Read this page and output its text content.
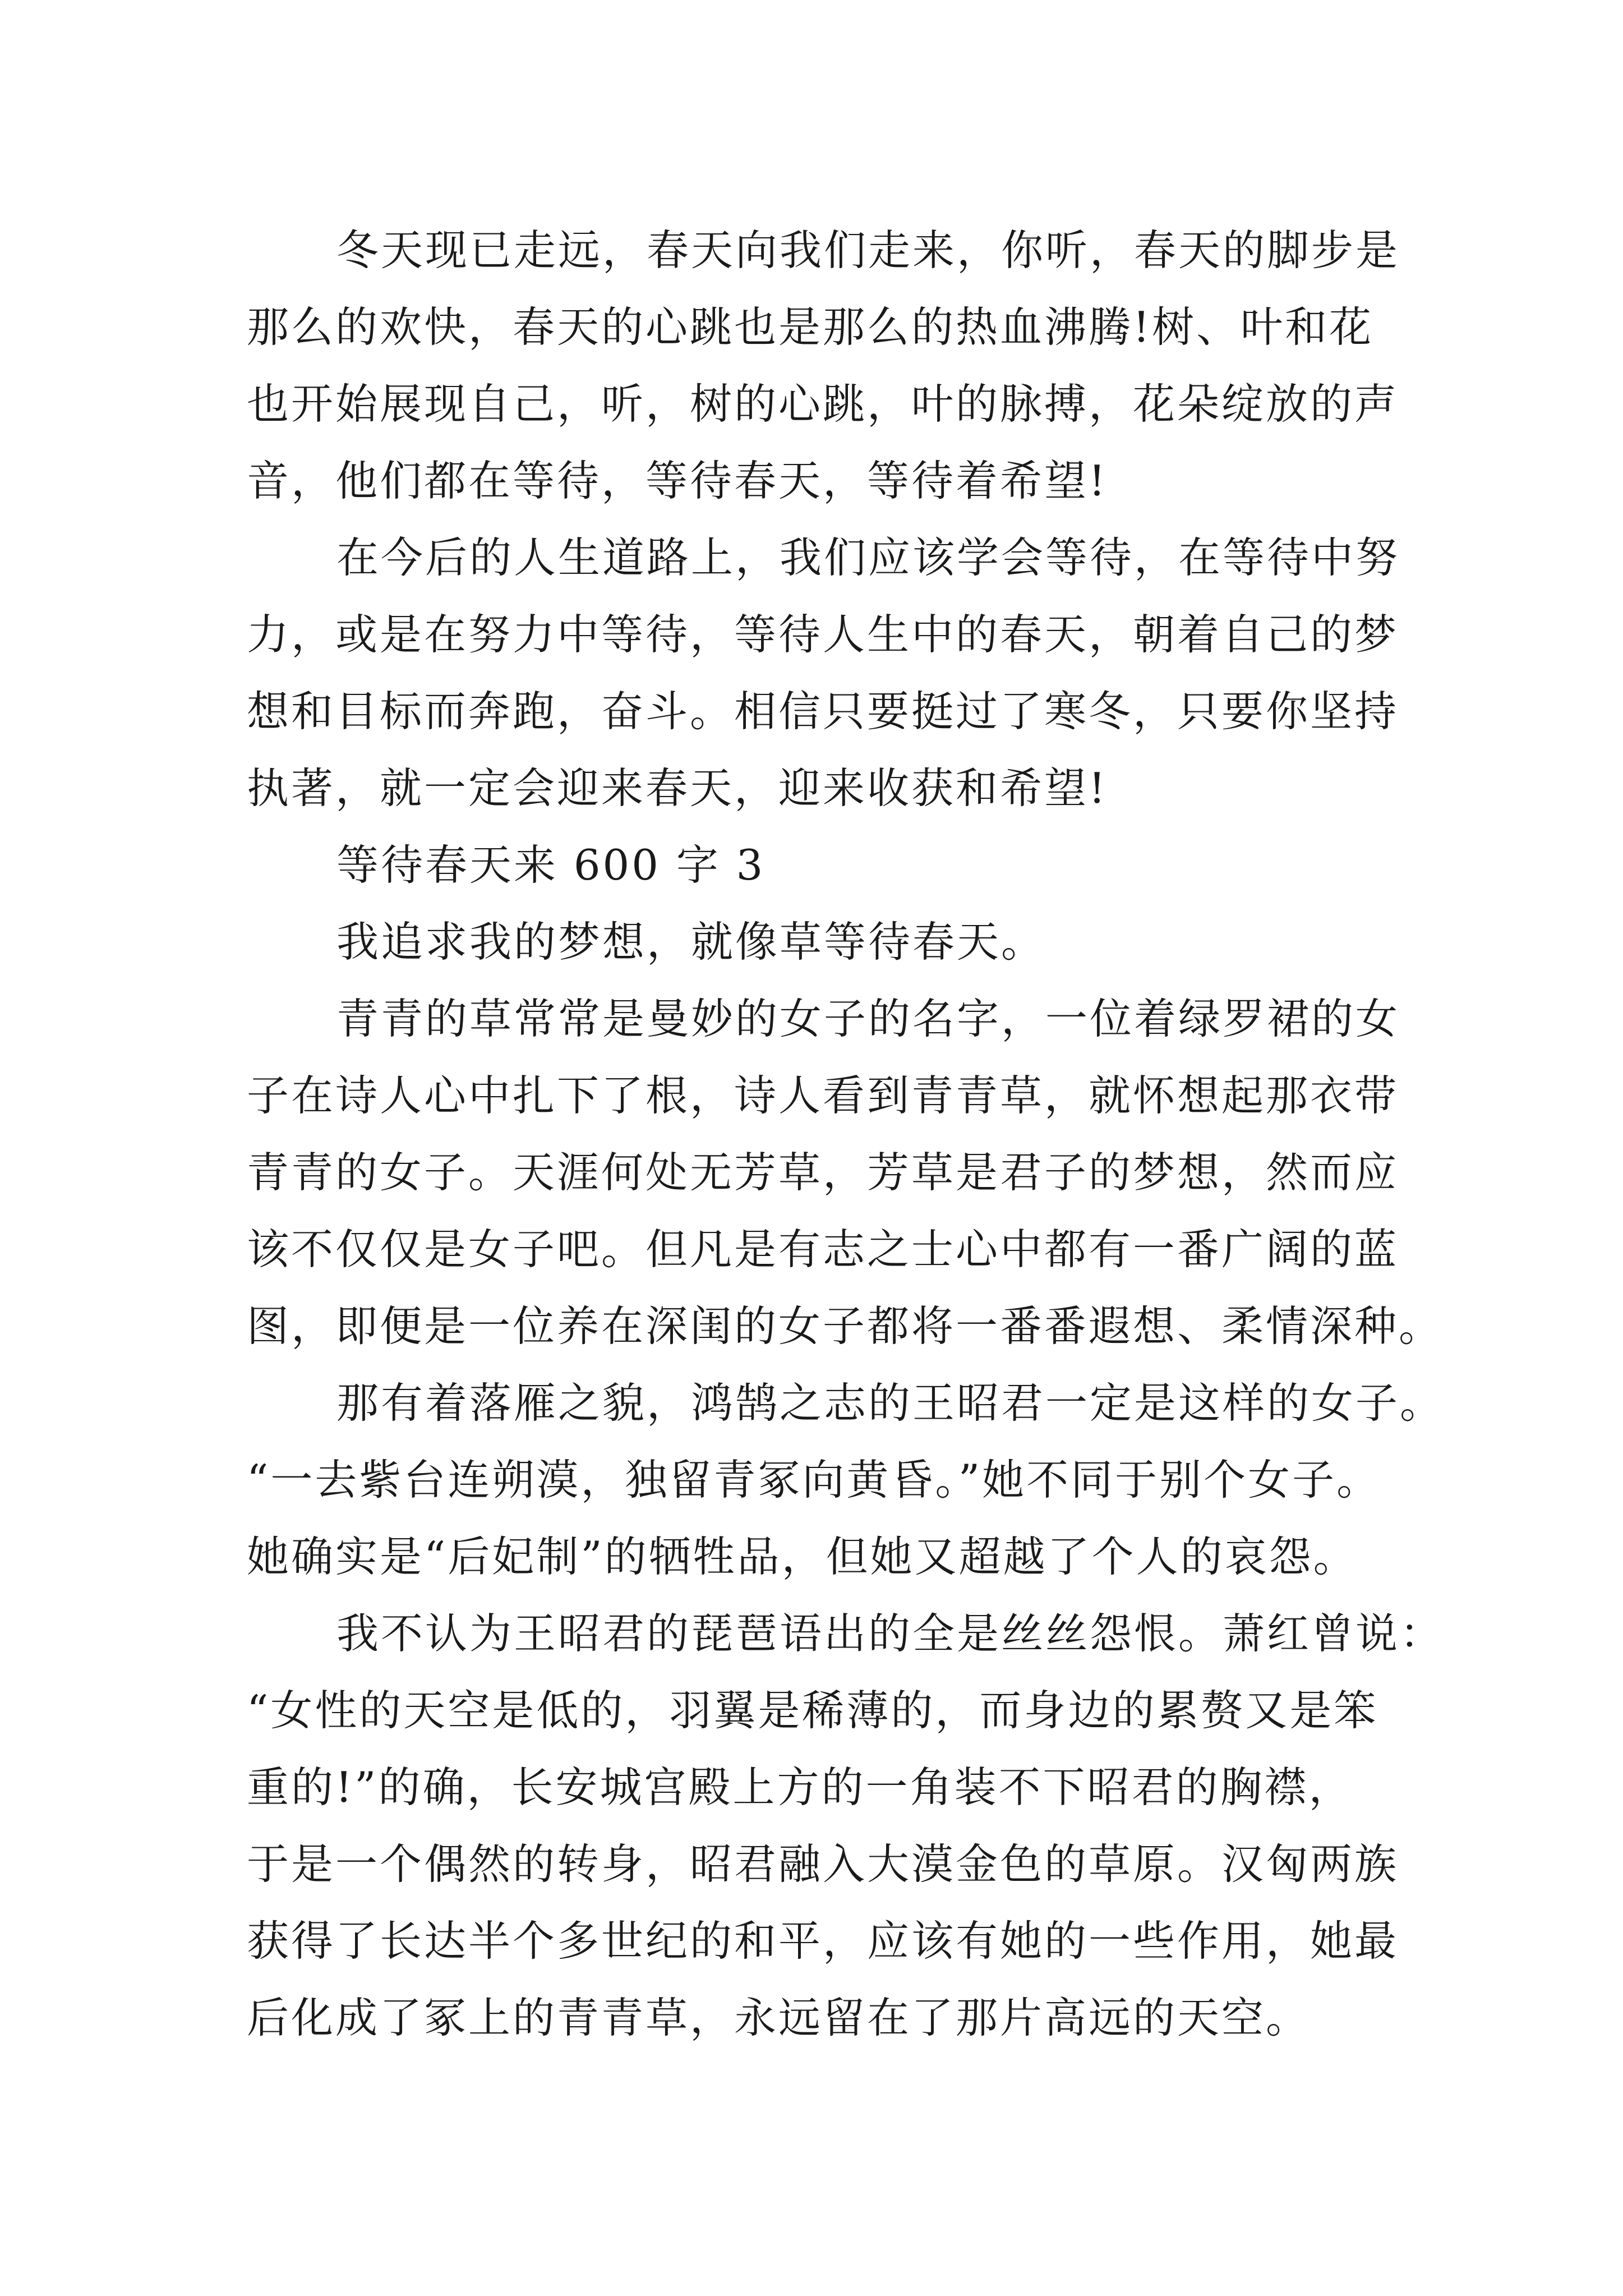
冬天现已走远，春天向我们走来，你听，春天的脚步是
那么的欢快，春天的心跳也是那么的热血沸腾!树、叶和花
也开始展现自己，听，树的心跳，叶的脉搏，花朵绽放的声
音，他们都在等待，等待春天，等待着希望!
在今后的人生道路上，我们应该学会等待，在等待中努
力，或是在努力中等待，等待人生中的春天，朝着自己的梦
想和目标而奔跑，奋斗。相信只要挺过了寒冬，只要你坚持
执著，就一定会迎来春天，迎来收获和希望!
等待春天来 600 字 3
我追求我的梦想，就像草等待春天。
青青的草常常是曼妙的女子的名字，一位着绿罗裙的女
子在诗人心中扎下了根，诗人看到青青草，就怀想起那衣带
青青的女子。天涯何处无芳草，芳草是君子的梦想，然而应
该不仅仅是女子吧。但凡是有志之士心中都有一番广阔的蓝
图，即便是一位养在深闺的女子都将一番番遐想、柔情深种。
那有着落雁之貌，鸿鹄之志的王昭君一定是这样的女子。
“一去紫台连朔漠，独留青冢向黄昏。”她不同于别个女子。
她确实是“后妃制”的牺牲品，但她又超越了个人的哀怨。
我不认为王昭君的琵琶语出的全是丝丝怨恨。萧红曾说：
“女性的天空是低的，羽翼是稀薄的，而身边的累赘又是笨
重的!”的确，长安城宫殿上方的一角装不下昭君的胸襟，
于是一个偶然的转身，昭君融入大漠金色的草原。汉匈两族
获得了长达半个多世纪的和平，应该有她的一些作用，她最
后化成了冢上的青青草，永远留在了那片高远的天空。
